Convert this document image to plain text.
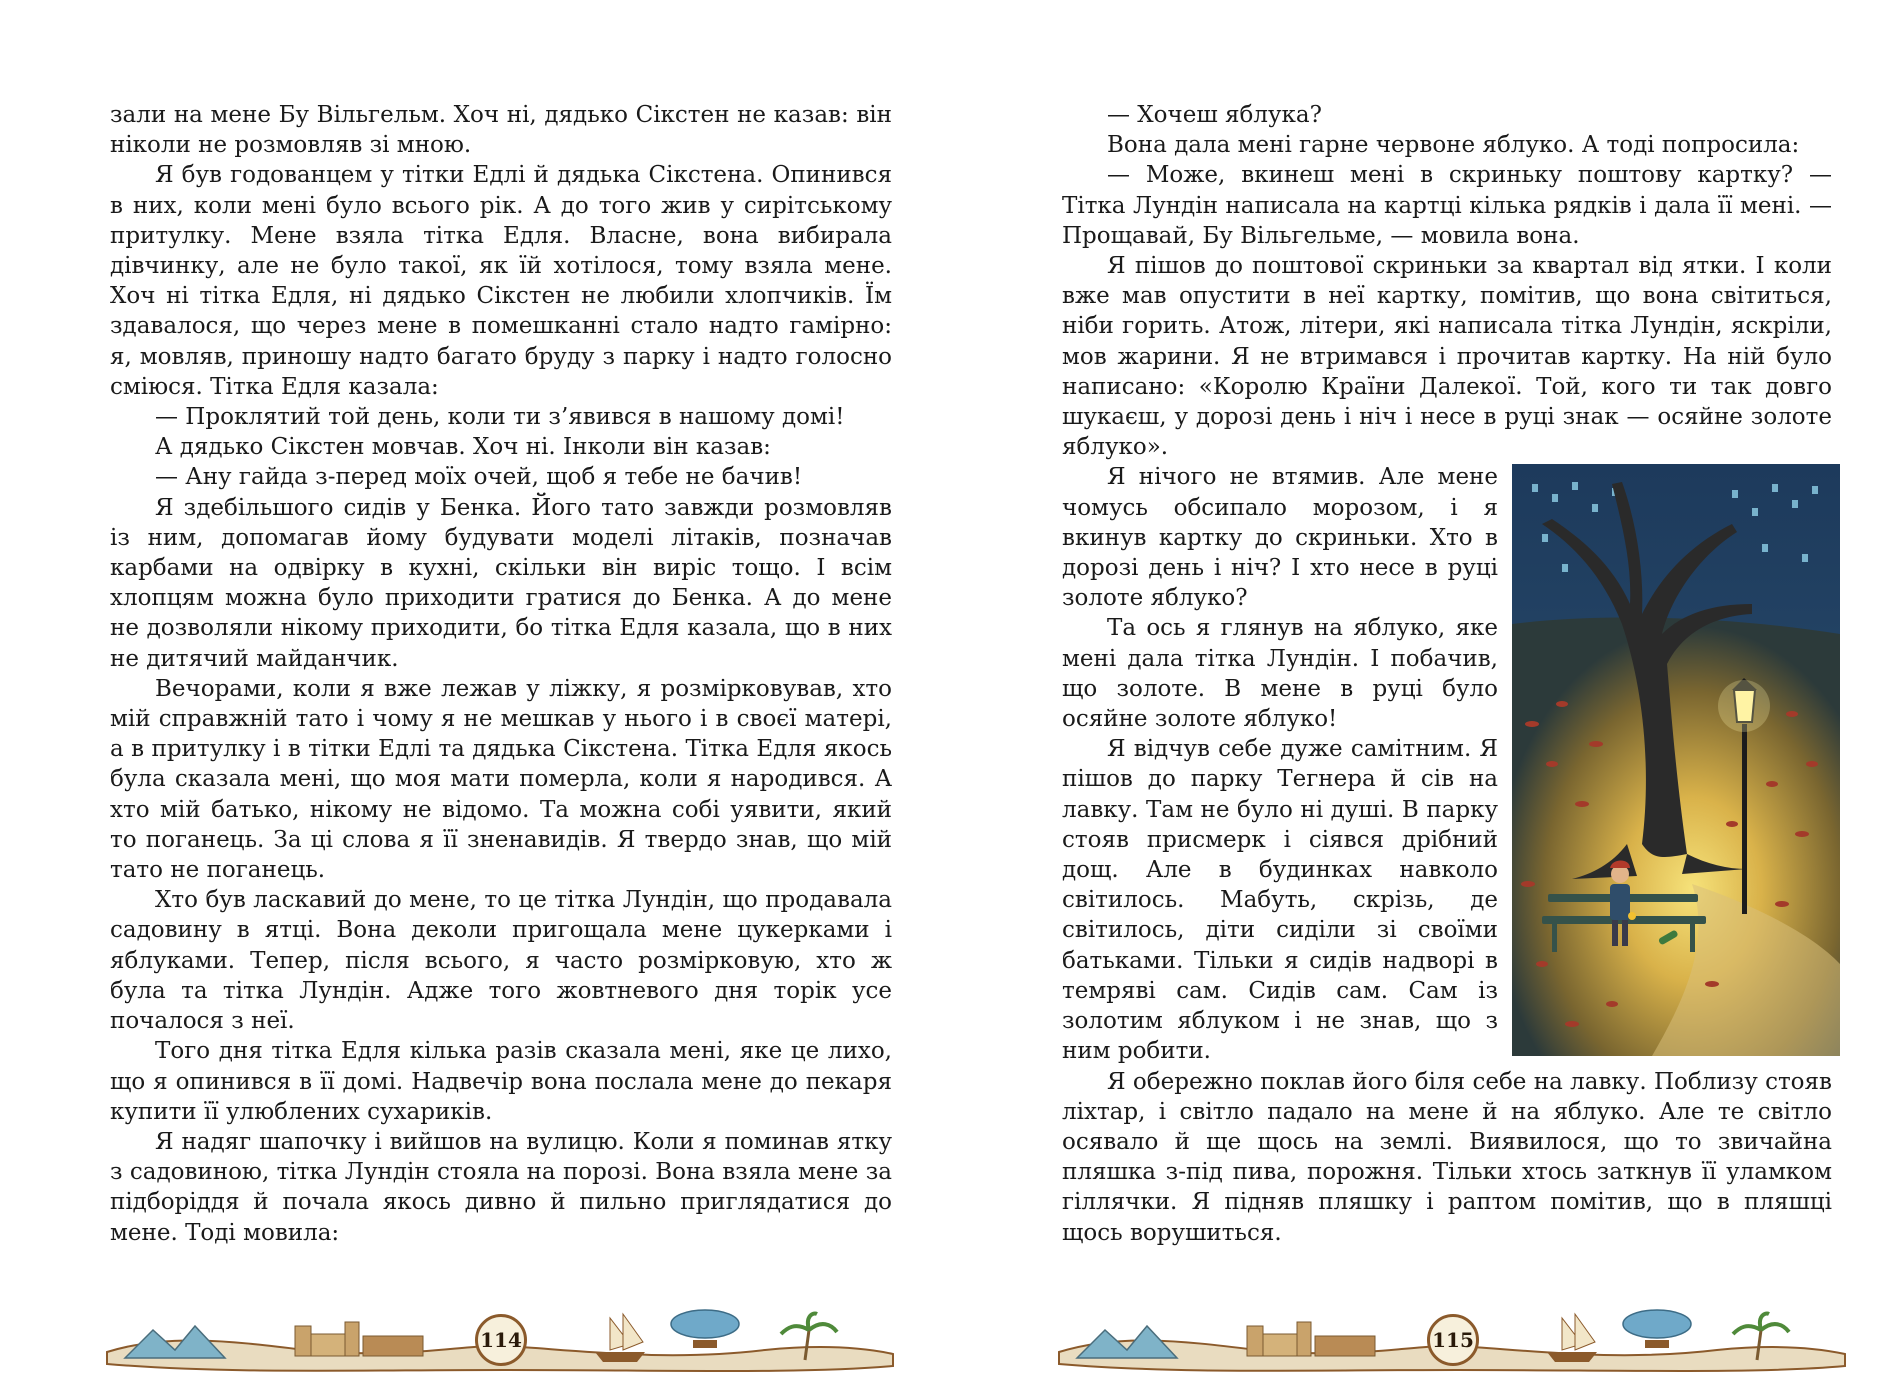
зали на мене Бу Вільгельм. Хоч ні, дядько Сікстен не казав: він ніколи не розмовляв зі мною.

Я був годованцем у тітки Едлі й дядька Сікстена. Опинився в них, коли мені було всього рік. А до того жив у сирітському притулку. Мене взяла тітка Едля. Власне, вона вибирала дівчинку, але не було такої, як їй хотілося, тому взяла мене. Хоч ні тітка Едля, ні дядько Сікстен не любили хлопчиків. Їм здавалося, що через мене в помешканні стало надто гамірно: я, мовляв, приношу надто багато бруду з парку і надто голосно сміюся. Тітка Едля казала:

— Проклятий той день, коли ти з’явився в нашому домі!

А дядько Сікстен мовчав. Хоч ні. Інколи він казав:

— Ану гайда з-перед моїх очей, щоб я тебе не бачив!

Я здебільшого сидів у Бенка. Його тато завжди розмовляв із ним, допомагав йому будувати моделі літаків, позначав карбами на одвірку в кухні, скільки він виріс тощо. І всім хлопцям можна було приходити гратися до Бенка. А до мене не дозволяли нікому приходити, бо тітка Едля казала, що в них не дитячий майданчик.

Вечорами, коли я вже лежав у ліжку, я розмірковував, хто мій справжній тато і чому я не мешкав у нього і в своєї матері, а в притулку і в тітки Едлі та дядька Сікстена. Тітка Едля якось була сказала мені, що моя мати померла, коли я народився. А хто мій батько, нікому не відомо. Та можна собі уявити, який то поганець. За ці слова я її зненавидів. Я твердо знав, що мій тато не поганець.

Хто був ласкавий до мене, то це тітка Лундін, що продавала садовину в ятці. Вона деколи пригощала мене цукерками і яблуками. Тепер, після всього, я часто розмірковую, хто ж була та тітка Лундін. Адже того жовтневого дня торік усе почалося з неї.

Того дня тітка Едля кілька разів сказала мені, яке це лихо, що я опинився в її домі. Надвечір вона послала мене до пекаря купити її улюблених сухариків.

Я надяг шапочку і вийшов на вулицю. Коли я поминав ятку з садовиною, тітка Лундін стояла на порозі. Вона взяла мене за підборіддя й почала якось дивно й пильно приглядатися до мене. Тоді мовила:

114

— Хочеш яблука?

Вона дала мені гарне червоне яблуко. А тоді попросила:

— Може, вкинеш мені в скриньку поштову картку? — Тітка Лундін написала на картці кілька рядків і дала її мені. — Прощавай, Бу Вільгельме, — мовила вона.

Я пішов до поштової скриньки за квартал від ятки. І коли вже мав опустити в неї картку, помітив, що вона світиться, ніби горить. Атож, літери, які написала тітка Лундін, яскріли, мов жарини. Я не втримався і прочитав картку. На ній було написано: «Королю Країни Далекої. Той, кого ти так довго шукаєш, у дорозі день і ніч і несе в руці знак — осяйне золоте яблуко».

Я нічого не втямив. Але мене чомусь обсипало морозом, і я вкинув картку до скриньки. Хто в дорозі день і ніч? І хто несе в руці золоте яблуко?

Та ось я глянув на яблуко, яке мені дала тітка Лундін. І побачив, що золоте. В мене в руці було осяйне золоте яблуко!

Я відчув себе дуже самітним. Я пішов до парку Тегнера й сів на лавку. Там не було ні душі. В парку стояв присмерк і сіявся дрібний дощ. Але в будинках навколо світилось. Мабуть, скрізь, де світилось, діти сиділи зі своїми батьками. Тільки я сидів надворі в темряві сам. Сидів сам. Сам із золотим яблуком і не знав, що з ним робити.

Я обережно поклав його біля себе на лавку. Поблизу стояв ліхтар, і світло падало на мене й на яблуко. Але те світло осявало й ще щось на землі. Виявилося, що то звичайна пляшка з-під пива, порожня. Тільки хтось заткнув її уламком гіллячки. Я підняв пляшку і раптом помітив, що в пляшці щось ворушиться.

115
